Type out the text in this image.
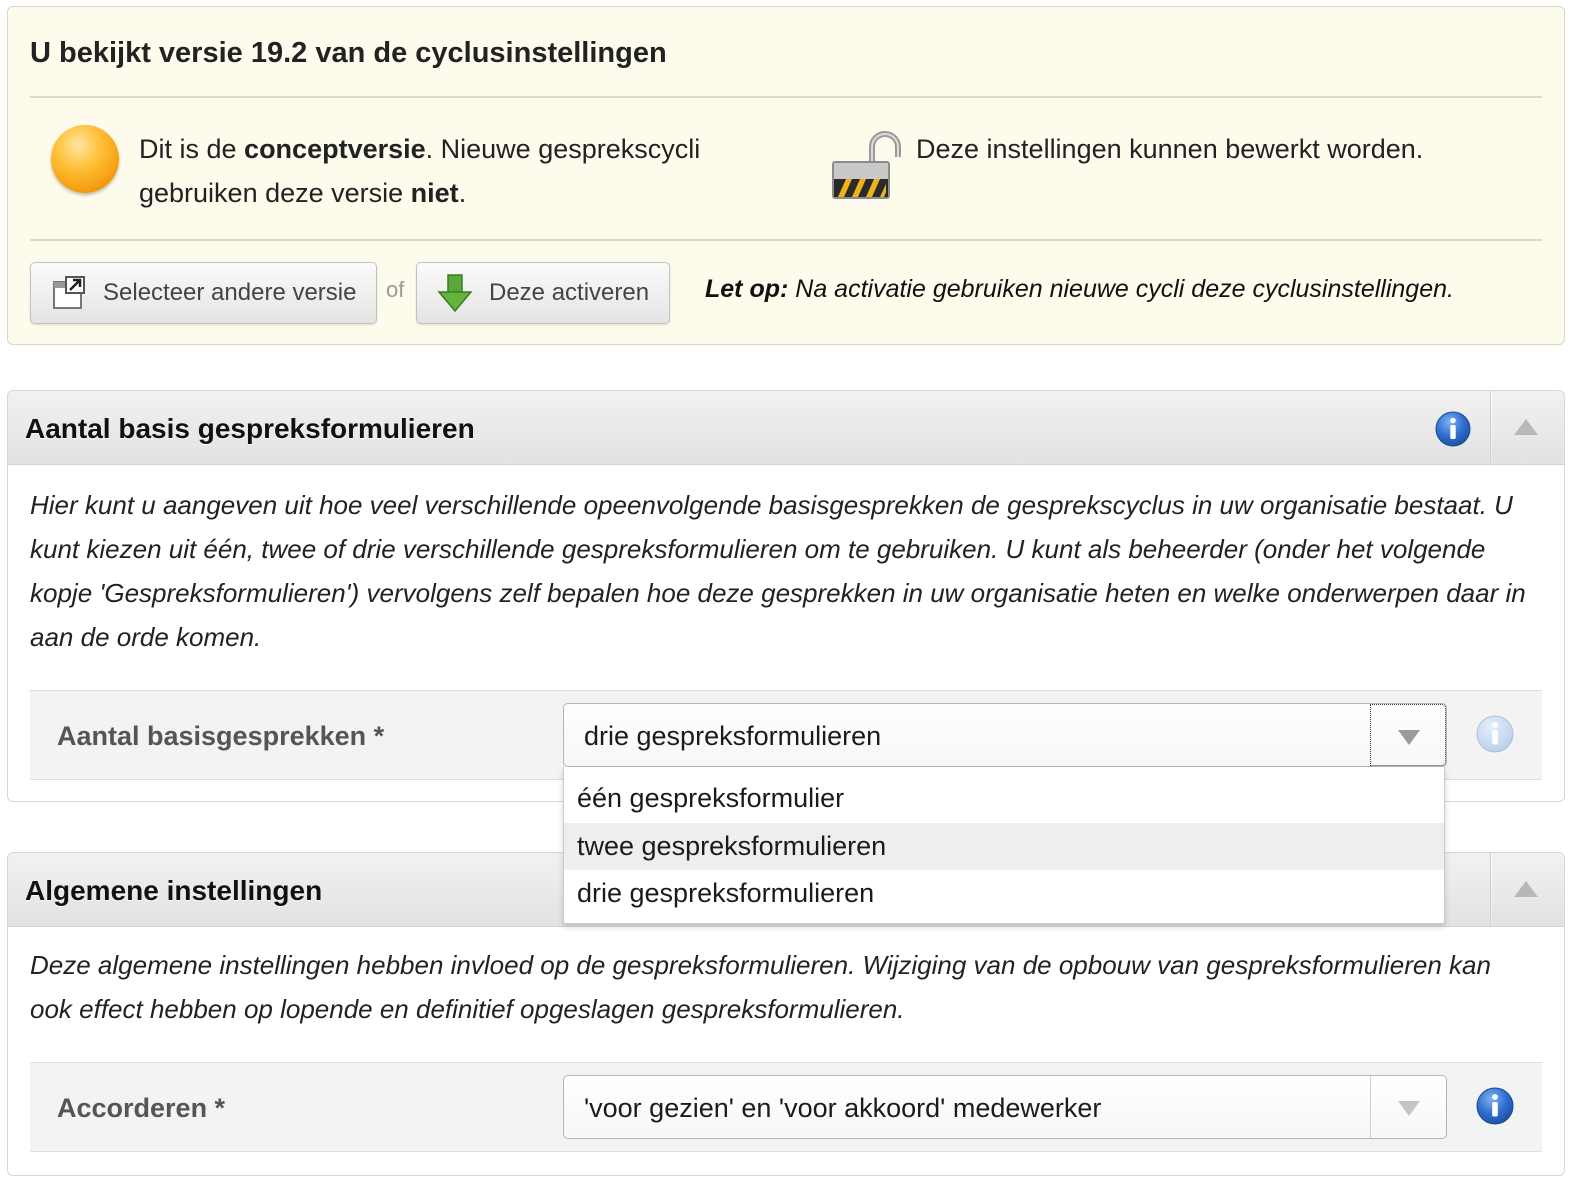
U bekijkt versie 19.2 van de cyclusinstellingen
Dit is de conceptversie. Nieuwe gesprekscycli gebruiken deze versie niet.
Deze instellingen kunnen bewerkt worden.
Selecteer andere versie of	Deze activeren Let op: Na activatie gebruiken nieuwe cycli deze cyclusinstellingen.
Aantal basis gespreksformulieren
Hier kunt u aangeven uit hoe veel verschillende opeenvolgende basisgesprekken de gesprekscyclus in uw organisatie bestaat. U kunt kiezen uit één, twee of drie verschillende gespreksformulieren om te gebruiken. U kunt als beheerder (onder het volgende kopje 'Gespreksformulieren') vervolgens zelf bepalen hoe deze gesprekken in uw organisatie heten en welke onderwerpen daar in aan de orde komen.
Aantal basisgesprekken *	drie gespreksformulieren
Algemene instellingen
Deze algemene instellingen hebben invloed op de gespreksformulieren. Wijziging van de opbouw van gespreksformulieren kan ook effect hebben op lopende en definitief opgeslagen gespreksformulieren.
Accorderen *	'voor gezien' en 'voor akkoord' medewerker
één gespreksformulier
twee gespreksformulieren
drie gespreksformulieren
